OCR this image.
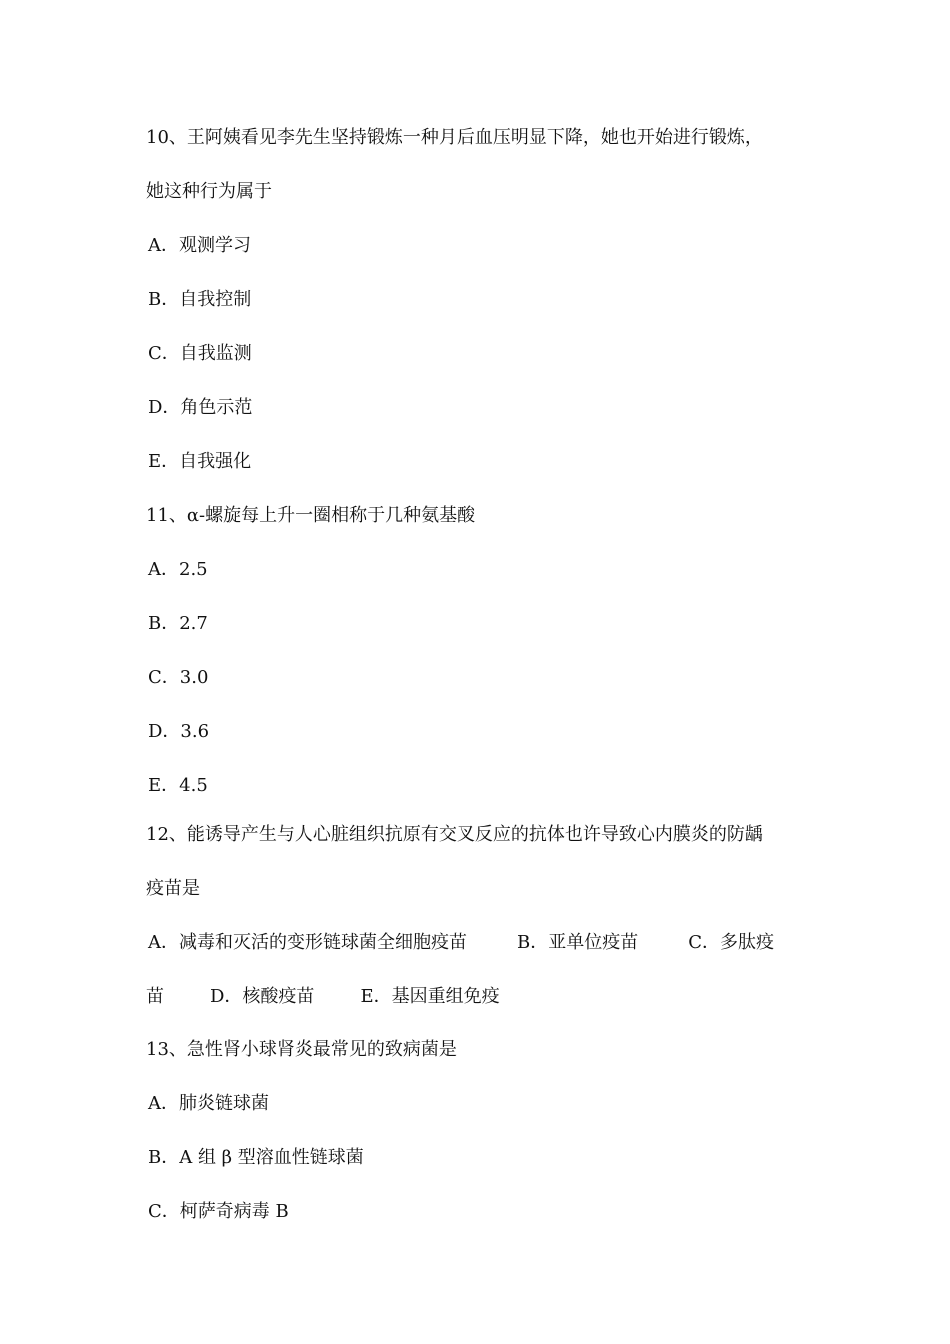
10、王阿姨看见李先生坚持锻炼一种月后血压明显下降，她也开始进行锻炼，
她这种行为属于
A．观测学习
B．自我控制
C．自我监测
D．角色示范
E．自我强化
11、α-螺旋每上升一圈相称于几种氨基酸
A．2.5
B．2.7
C．3.0
D．3.6
E．4.5
12、能诱导产生与人心脏组织抗原有交叉反应的抗体也许导致心内膜炎的防龋
疫苗是
A．减毒和灭活的变形链球菌全细胞疫苗	B．亚单位疫苗	C．多肽疫
苗	D．核酸疫苗	E．基因重组免疫
13、急性肾小球肾炎最常见的致病菌是
A．肺炎链球菌
B．A 组 β 型溶血性链球菌
C．柯萨奇病毒 B
